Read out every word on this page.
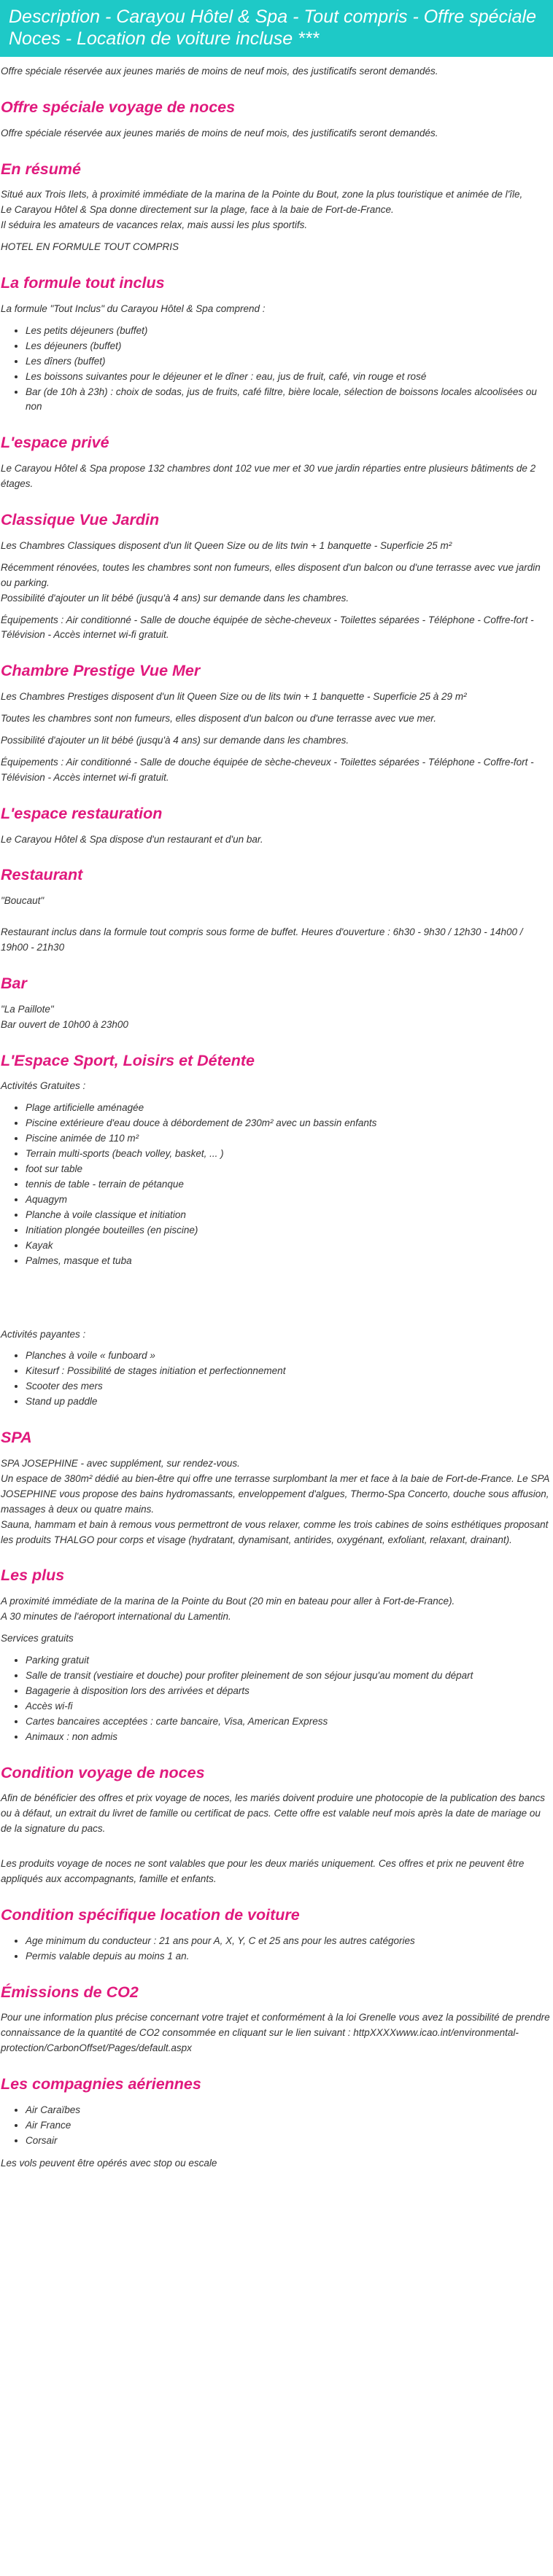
Description - Carayou Hôtel & Spa - Tout compris - Offre spéciale Noces - Location de voiture incluse ***

Offre spéciale réservée aux jeunes mariés de moins de neuf mois, des justificatifs seront demandés.

Offre spéciale voyage de noces

Offre spéciale réservée aux jeunes mariés de moins de neuf mois, des justificatifs seront demandés.

En résumé

Situé aux Trois Ilets, à proximité immédiate de la marina de la Pointe du Bout, zone la plus touristique et animée de l'île,

Le Carayou Hôtel & Spa donne directement sur la plage, face à la baie de Fort-de-France.

Il séduira les amateurs de vacances relax, mais aussi les plus sportifs.

HOTEL EN FORMULE TOUT COMPRIS

La formule tout inclus

La formule "Tout Inclus" du Carayou Hôtel & Spa comprend :

• Les petits déjeuners (buffet)
• Les déjeuners (buffet)
• Les dîners (buffet)
• Les boissons suivantes pour le déjeuner et le dîner : eau, jus de fruit, café, vin rouge et rosé
• Bar (de 10h à 23h) : choix de sodas, jus de fruits, café filtre, bière locale, sélection de boissons locales alcoolisées ou non
L'espace privé

Le Carayou Hôtel & Spa propose 132 chambres dont 102 vue mer et 30 vue jardin réparties entre plusieurs bâtiments de 2 étages.

Classique Vue Jardin

Les Chambres Classiques disposent d'un lit Queen Size ou de lits twin + 1 banquette - Superficie 25 m²

Récemment rénovées, toutes les chambres sont non fumeurs, elles disposent d'un balcon ou d'une terrasse avec vue jardin ou parking.

Possibilité d'ajouter un lit bébé (jusqu'à 4 ans) sur demande dans les chambres.

Équipements : Air conditionné - Salle de douche équipée de sèche-cheveux - Toilettes séparées - Téléphone - Coffre-fort - Télévision - Accès internet wi-fi gratuit.

Chambre Prestige Vue Mer

Les Chambres Prestiges disposent d'un lit Queen Size ou de lits twin + 1 banquette - Superficie 25 à 29 m²

Toutes les chambres sont non fumeurs, elles disposent d'un balcon ou d'une terrasse avec vue mer.

Possibilité d'ajouter un lit bébé (jusqu'à 4 ans) sur demande dans les chambres.

Équipements : Air conditionné - Salle de douche équipée de sèche-cheveux - Toilettes séparées - Téléphone - Coffre-fort - Télévision - Accès internet wi-fi gratuit.

L'espace restauration

Le Carayou Hôtel & Spa dispose d'un restaurant et d'un bar.

Restaurant

"Boucaut"

Restaurant inclus dans la formule tout compris sous forme de buffet. Heures d'ouverture : 6h30 - 9h30 / 12h30 - 14h00 / 19h00 - 21h30

Bar

"La Paillote"

Bar ouvert de 10h00 à 23h00

L'Espace Sport, Loisirs et Détente

Activités Gratuites :

• Plage artificielle aménagée
• Piscine extérieure d'eau douce à débordement de 230m² avec un bassin enfants
• Piscine animée de 110 m²
• Terrain multi-sports (beach volley, basket, ... )
• foot sur table
• tennis de table - terrain de pétanque
• Aquagym
• Planche à voile classique et initiation
• Initiation plongée bouteilles (en piscine)
• Kayak
• Palmes, masque et tuba

Activités payantes :

• Planches à voile « funboard »
• Kitesurf : Possibilité de stages initiation et perfectionnement
• Scooter des mers
• Stand up paddle
SPA

SPA JOSEPHINE - avec supplément, sur rendez-vous.

Un espace de 380m² dédié au bien-être qui offre une terrasse surplombant la mer et face à la baie de Fort-de-France. Le SPA JOSEPHINE vous propose des bains hydromassants, enveloppement d'algues, Thermo-Spa Concerto, douche sous affusion, massages à deux ou quatre mains.

Sauna, hammam et bain à remous vous permettront de vous relaxer, comme les trois cabines de soins esthétiques proposant les produits THALGO pour corps et visage (hydratant, dynamisant, antirides, oxygénant, exfoliant, relaxant, drainant).

Les plus

A proximité immédiate de la marina de la Pointe du Bout (20 min en bateau pour aller à Fort-de-France).

A 30 minutes de l'aéroport international du Lamentin.

Services gratuits

• Parking gratuit
• Salle de transit (vestiaire et douche) pour profiter pleinement de son séjour jusqu'au moment du départ
• Bagagerie à disposition lors des arrivées et départs
• Accès wi-fi
• Cartes bancaires acceptées : carte bancaire, Visa, American Express
• Animaux : non admis
Condition voyage de noces

Afin de bénéficier des offres et prix voyage de noces, les mariés doivent produire une photocopie de la publication des bancs ou à défaut, un extrait du livret de famille ou certificat de pacs. Cette offre est valable neuf mois après la date de mariage ou de la signature du pacs.

Les produits voyage de noces ne sont valables que pour les deux mariés uniquement. Ces offres et prix ne peuvent être appliqués aux accompagnants, famille et enfants.

Condition spécifique location de voiture
• Age minimum du conducteur : 21 ans pour A, X, Y, C et 25 ans pour les autres catégories
• Permis valable depuis au moins 1 an.
Émissions de CO2

Pour une information plus précise concernant votre trajet et conformément à la loi Grenelle vous avez la possibilité de prendre connaissance de la quantité de CO2 consommée en cliquant sur le lien suivant : httpXXXXwww.icao.int/environmental-protection/CarbonOffset/Pages/default.aspx

Les compagnies aériennes
• Air Caraïbes
• Air France
• Corsair

Les vols peuvent être opérés avec stop ou escale
